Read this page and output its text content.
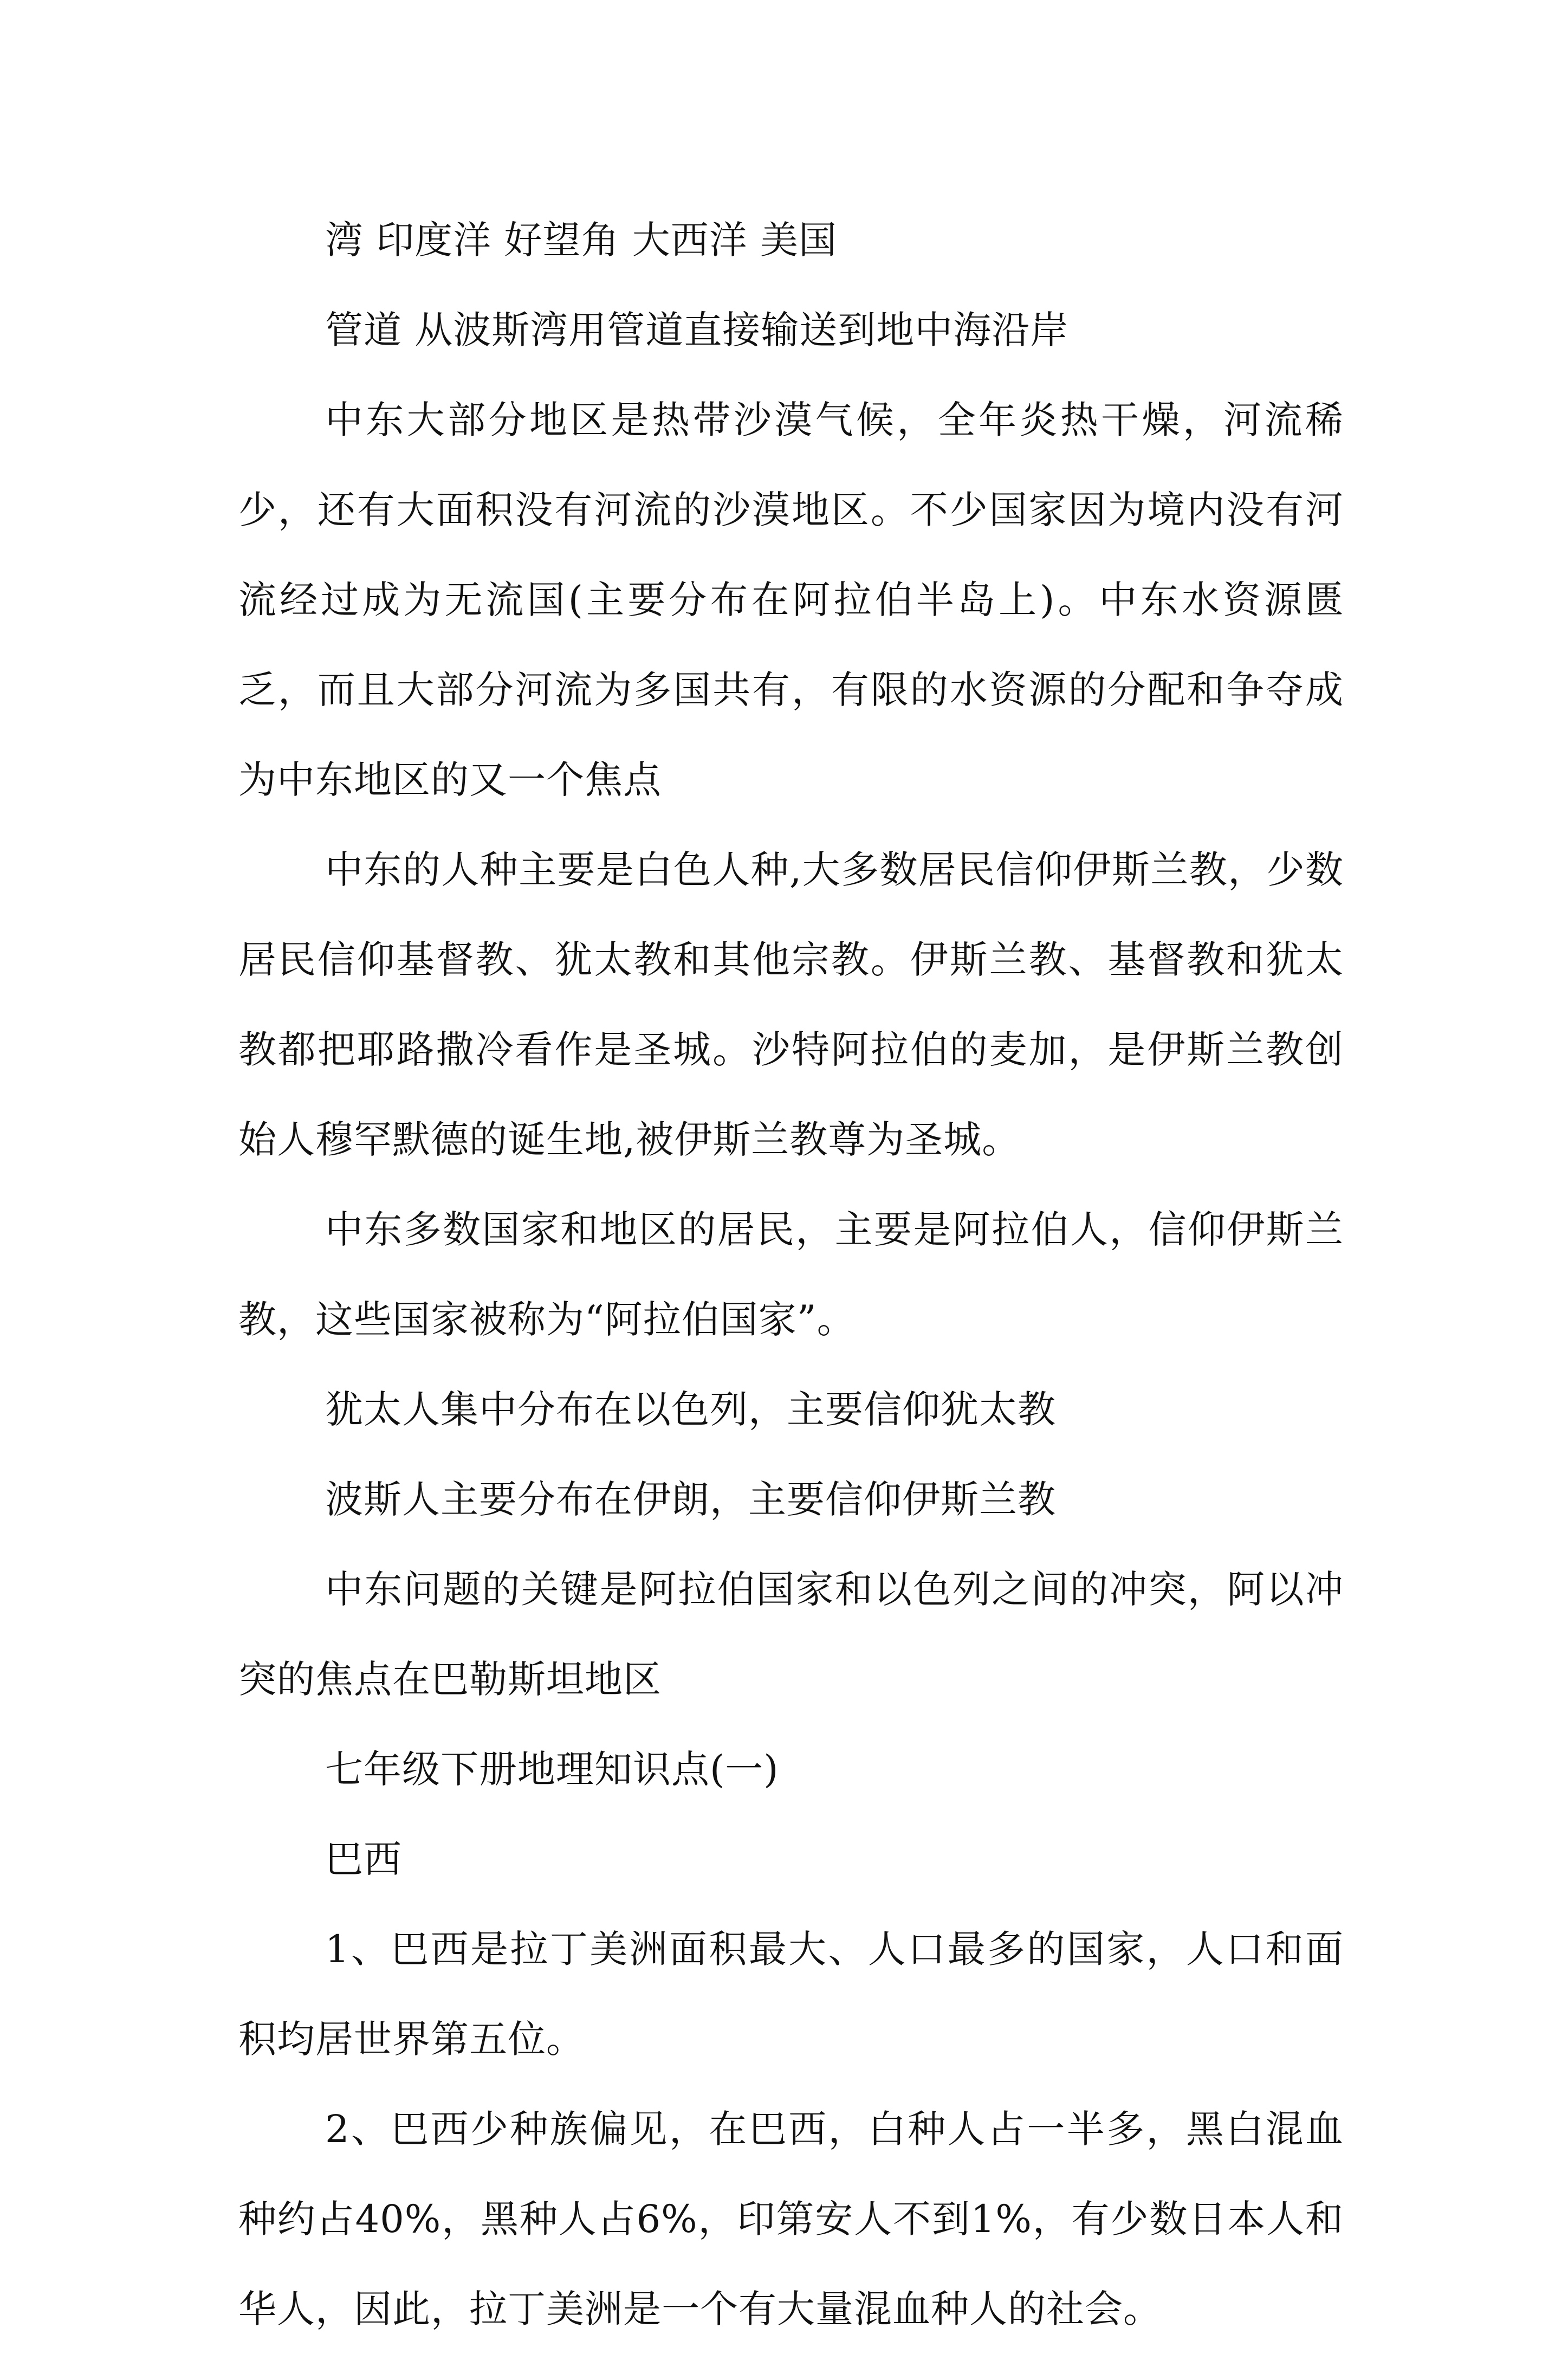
湾 印度洋 好望角 大西洋 美国

管道 从波斯湾用管道直接输送到地中海沿岸

中东大部分地区是热带沙漠气候，全年炎热干燥，河流稀少，还有大面积没有河流的沙漠地区。不少国家因为境内没有河流经过成为无流国(主要分布在阿拉伯半岛上)。中东水资源匮乏，而且大部分河流为多国共有，有限的水资源的分配和争夺成为中东地区的又一个焦点

中东的人种主要是白色人种,大多数居民信仰伊斯兰教，少数居民信仰基督教、犹太教和其他宗教。伊斯兰教、基督教和犹太教都把耶路撒冷看作是圣城。沙特阿拉伯的麦加，是伊斯兰教创始人穆罕默德的诞生地,被伊斯兰教尊为圣城。

中东多数国家和地区的居民，主要是阿拉伯人，信仰伊斯兰教，这些国家被称为“阿拉伯国家”。

犹太人集中分布在以色列，主要信仰犹太教

波斯人主要分布在伊朗，主要信仰伊斯兰教

中东问题的关键是阿拉伯国家和以色列之间的冲突，阿以冲突的焦点在巴勒斯坦地区

七年级下册地理知识点(一)

巴西

1、巴西是拉丁美洲面积最大、人口最多的国家，人口和面积均居世界第五位。

2、巴西少种族偏见，在巴西，白种人占一半多，黑白混血种约占40%，黑种人占6%，印第安人不到1%，有少数日本人和华人，因此，拉丁美洲是一个有大量混血种人的社会。
